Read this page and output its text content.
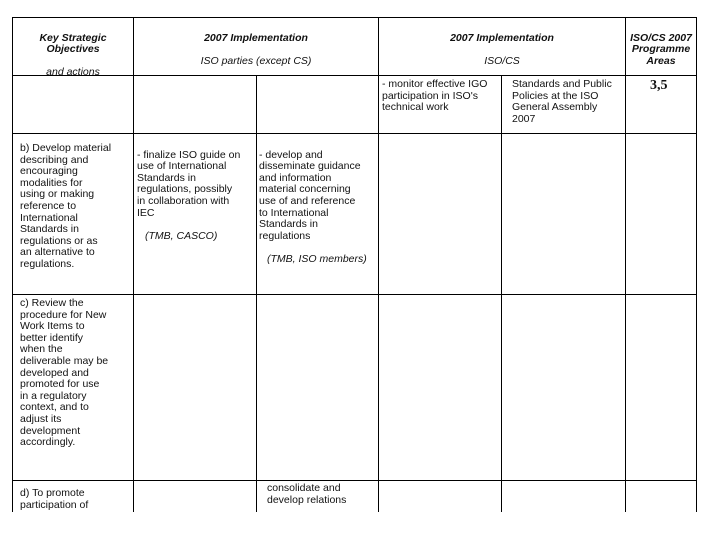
Key Strategic
Objectives

and actions

2007 Implementation

ISO parties (except CS)

2007 Implementation

ISO/CS

ISO/CS 2007
Programme
Areas

- monitor effective IGO
participation in ISO's
technical work
Standards and Public
Policies at the ISO
General Assembly
2007
3,5
b) Develop material
describing and
encouraging
modalities for
using or making
reference to
International
Standards in
regulations or as
an alternative to
regulations.

- finalize ISO guide on
use of International
Standards in
regulations, possibly
in collaboration with
IEC

(TMB, CASCO)

- develop and
disseminate guidance
and information
material concerning
use of and reference
to International
Standards in
regulations

(TMB, ISO members)

c) Review the
procedure for New
Work Items to
better identify
when the
deliverable may be
developed and
promoted for use
in a regulatory
context, and to
adjust its
development
accordingly.
d) To promote
participation of
consolidate and
develop relations
